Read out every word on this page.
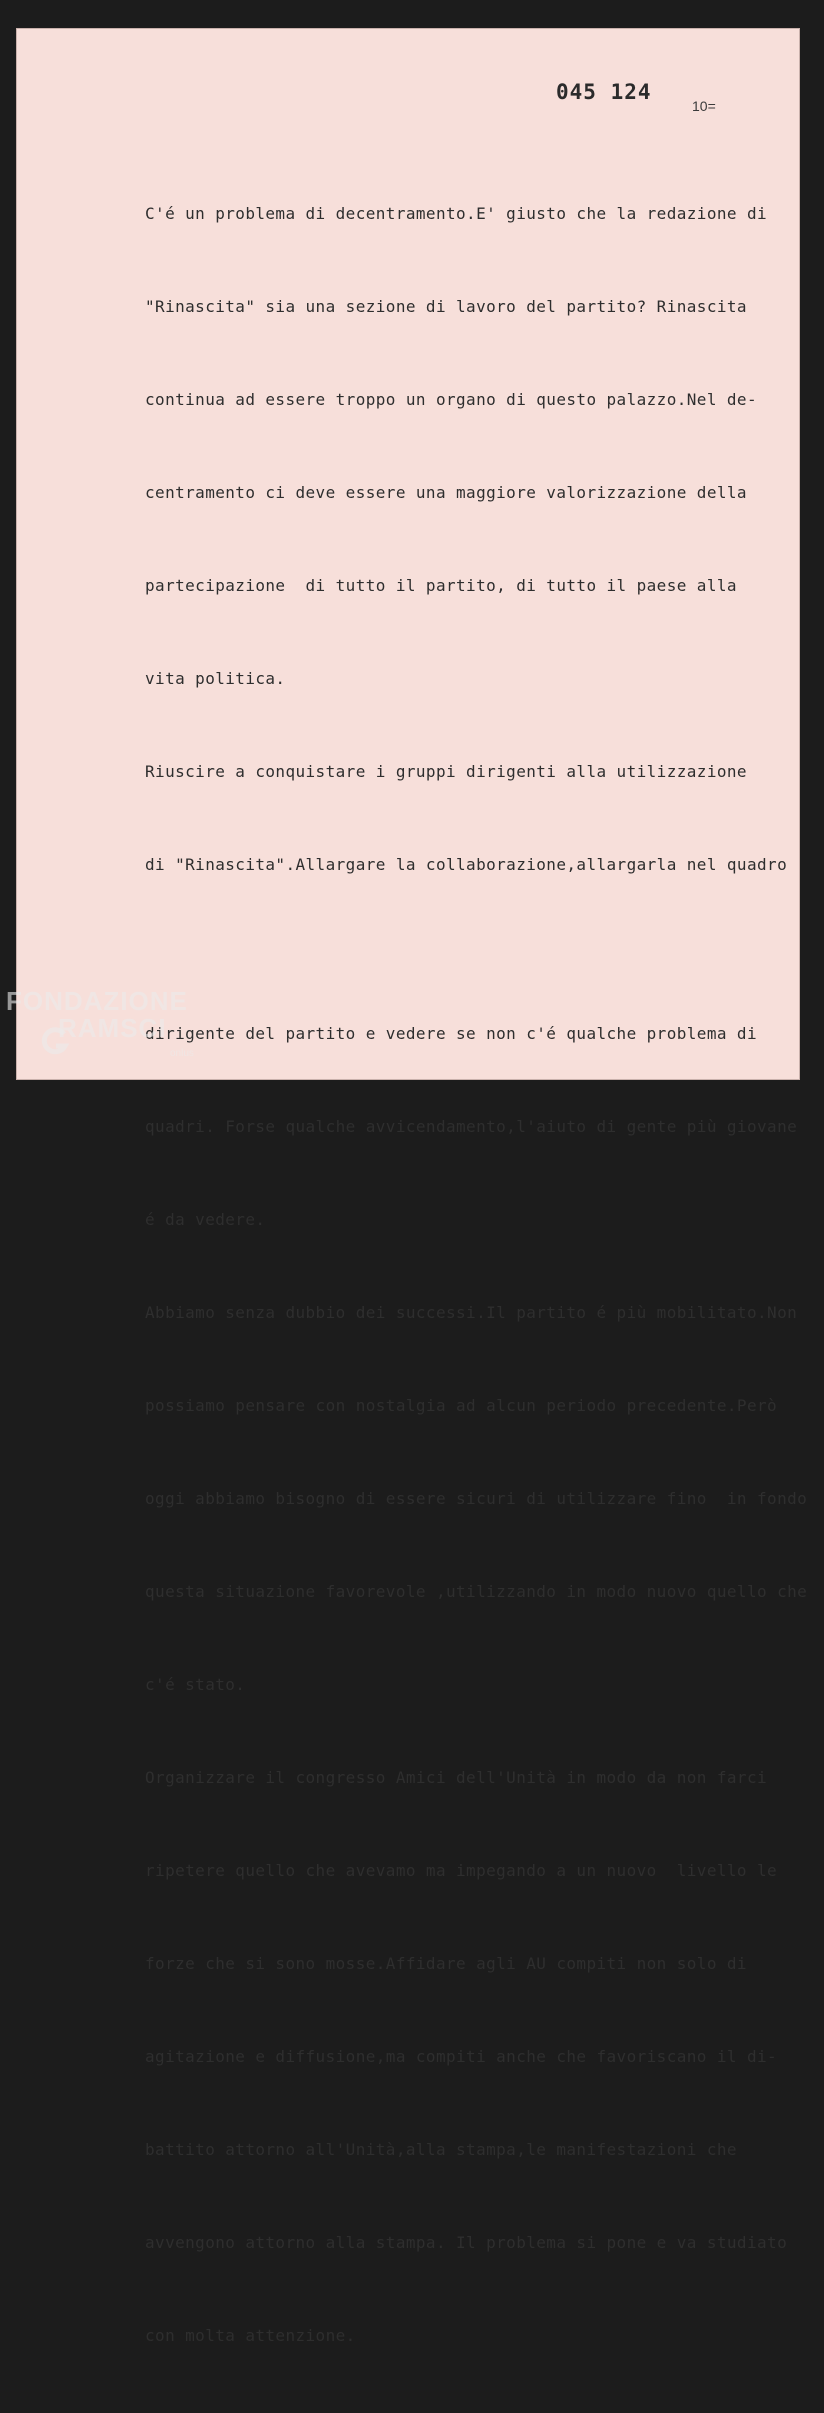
045 124
10=

C'é un problema di decentramento.E' giusto che la redazione di

"Rinascita" sia una sezione di lavoro del partito? Rinascita

continua ad essere troppo un organo di questo palazzo.Nel de-

centramento ci deve essere una maggiore valorizzazione della

partecipazione  di tutto il partito, di tutto il paese alla

vita politica.

Riuscire a conquistare i gruppi dirigenti alla utilizzazione

di "Rinascita".Allargare la collaborazione,allargarla nel quadro

dirigente del partito e vedere se non c'é qualche problema di

quadri. Forse qualche avvicendamento,l'aiuto di gente più giovane

é da vedere.

Abbiamo senza dubbio dei successi.Il partito é più mobilitato.Non

possiamo pensare con nostalgia ad alcun periodo precedente.Però

oggi abbiamo bisogno di essere sicuri di utilizzare fino  in fondo

questa situazione favorevole ,utilizzando in modo nuovo quello che

c'é stato.

Organizzare il congresso Amici dell'Unità in modo da non farci

ripetere quello che avevamo ma impegando a un nuovo  livello le

forze che si sono mosse.Affidare agli AU compiti non solo di

agitazione e diffusione,ma compiti anche che favoriscano il di-

battito attorno all'Unità,alla stampa,le manifestazioni che

avvengono attorno alla stampa. Il problema si pone e va studiato

con molta attenzione.

FONDAZIONE
RAMSCI
onlus
